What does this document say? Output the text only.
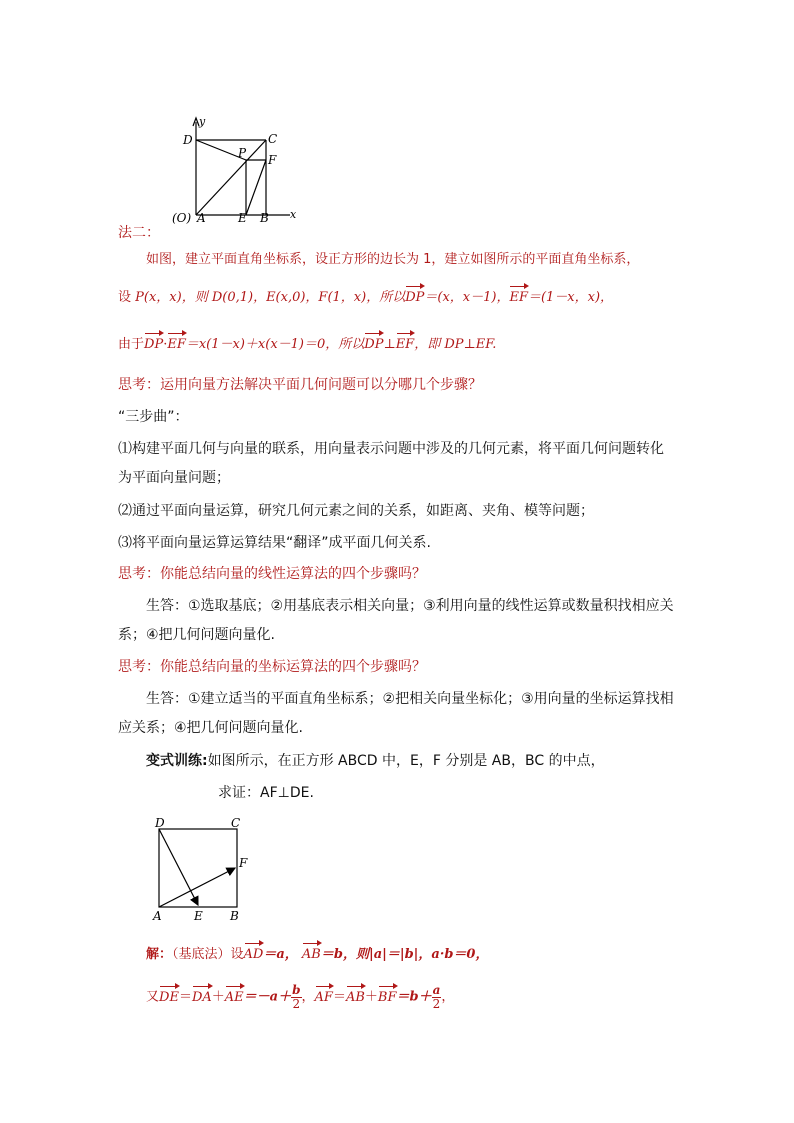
y
x
D	C
P F
(O) A	E B
法二：
如图，建立平面直角坐标系，设正方形的边长为 1，建立如图所示的平面直角坐标系，
设 P(x，x)，则 D(0,1)，E(x,0)，F(1，x)，所以DP＝(x，x－1)，EF＝(1－x，x)，
由于DP·EF＝x(1－x)＋x(x－1)＝0，所以DP⊥EF，即 DP⊥EF.
思考：运用向量方法解决平面几何问题可以分哪几个步骤？
“三步曲”：
⑴构建平面几何与向量的联系，用向量表示问题中涉及的几何元素，将平面几何问题转化
为平面向量问题；
⑵通过平面向量运算，研究几何元素之间的关系，如距离、夹角、模等问题；
⑶将平面向量运算运算结果“翻译”成平面几何关系.
思考：你能总结向量的线性运算法的四个步骤吗？
生答：①选取基底；②用基底表示相关向量；③利用向量的线性运算或数量积找相应关
系；④把几何问题向量化.
思考：你能总结向量的坐标运算法的四个步骤吗？
生答：①建立适当的平面直角坐标系；②把相关向量坐标化；③用向量的坐标运算找相
应关系；④把几何问题向量化.
变式训练:如图所示，在正方形 ABCD 中，E，F 分别是 AB，BC 的中点，
求证：AF⊥DE.
D	C
F
A	E B
解：（基底法）设AD＝a， AB＝b，则|a|＝|b|，a·b＝0，
又$DE=DA+AE=-a+ \frac{b}{2}$ ，$AF=AB+BF=b+ \frac{a}{2}$ ，
